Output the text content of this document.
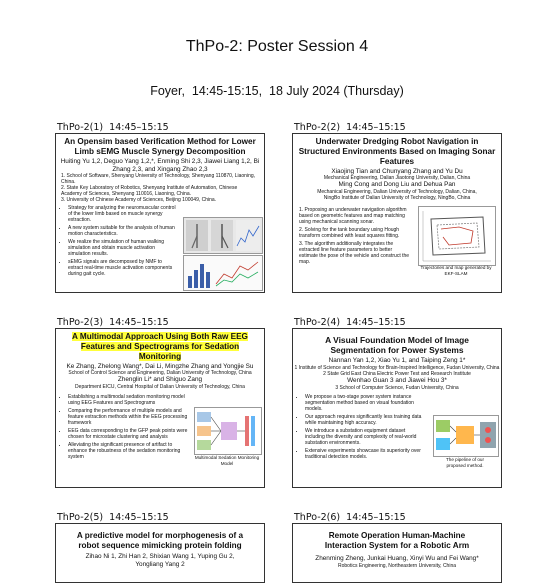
ThPo-2: Poster Session 4
Foyer,  14:45-15:15,  18 July 2024 (Thursday)
ThPo-2(1)  14:45–15:15
An Opensim based Verification Method for Lower Limb sEMG Muscle Synergy Decomposition
Huiting Yu 1,2, Deguo Yang 1,2,*, Enming Shi 2,3, Jiawei Liang 1,2, Bi Zhang 2,3, and Xingang Zhao 2,3
1. School of Software, Shenyang University of Technology, Shenyang 110870, Liaoning, China.
2. State Key Laboratory of Robotics, Shenyang Institute of Automation, Chinese Academy of Sciences, Shenyang 110016, Liaoning, China.
3. University of Chinese Academy of Sciences, Beijing 100049, China.
• Strategy for analyzing the neuromuscular control of the lower limb based on muscle synergy extraction.
• A new system suitable for the analysis of human motion characteristics.
• We realize the simulation of human walking simulation and obtain muscle activation simulation results.
• sEMG signals are decomposed by NMF to extract real-time muscle activation components during gait cycle.
ThPo-2(2)  14:45–15:15
Underwater Dredging Robot Navigation in Structured Environments Based on Imaging Sonar Features
Xiaojing Tian and Chunyang Zhang and Yu Du
Mechanical Engineering, Dalian Jiaotong University, Dalian, China
Ming Cong and Dong Liu and Dehua Pan
Mechanical Engineering, Dalian University of Technology, Dalian, China,
NingBo Institute of Dalian University of Technology, NingBo, China
1. Proposing an underwater navigation algorithm based on geometric features and map matching using mechanical scanning sonar.
2. Solving for the tank boundary using Hough transform combined with least squares fitting.
3. The algorithm additionally integrates the extracted line feature parameters to better estimate the pose of the vehicle and construct the map.
Trajectories and map generated by EKF-SLAM
ThPo-2(3)  14:45–15:15
A Multimodal Approach Using Both Raw EEG Features and Spectrograms for Sedation Monitoring
Ke Zhang, Zhelong Wang*, Dai Li, Mingzhe Zhang and Yongjie Su
School of Control Science and Engineering, Dalian University of Technology, China
Zhenglin Li* and Shiguo Zang
Department EICU, Central Hospital of Dalian University of Technology, China
• Establishing a multimodal sedation monitoring model using EEG Features and Spectrograms
• Comparing the performance of multiple models and feature extraction methods within the EEG processing framework
• EEG data corresponding to the GFP peak points were chosen for microstate clustering and analysis
• Alleviating the significant presence of artifact to enhance the robustness of the sedation monitoring system	Multimodal Sedation Monitoring Model
ThPo-2(4)  14:45–15:15
A Visual Foundation Model of Image Segmentation for Power Systems
Nannan Yan 1,2, Xiao Yu 1, and Taiping Zeng 1*
1 Institute of Science and Technology for Brain-Inspired Intelligence, Fudan University, China
2 State Grid East China Electric Power Test and Research Institute
Wenhao Guan 3 and Jiawei Hou 3*
3 School of Computer Science, Fudan University, China
• We propose a two-stage power system instance segmentation method based on visual foundation models.
• Our approach requires significantly less training data while maintaining high accuracy.
• We introduce a substation equipment dataset including the diversity and complexity of real-world substation environments.
• Extensive experiments showcase its superiority over traditional detection models.	The pipeline of our proposed method.
ThPo-2(5)  14:45–15:15
A predictive model for morphogenesis of a robot sequence mimicking protein folding
Zihao Ni 1, Zhi Han 2, Shixian Wang 1, Yuping Gu 2, Yongliang Yang 2
ThPo-2(6)  14:45–15:15
Remote Operation Human-Machine Interaction System for a Robotic Arm
Zhenming Zheng, Junkai Huang, Xinyi Wu and Fei Wang*
Robotics Engineering, Northeastern University, China
